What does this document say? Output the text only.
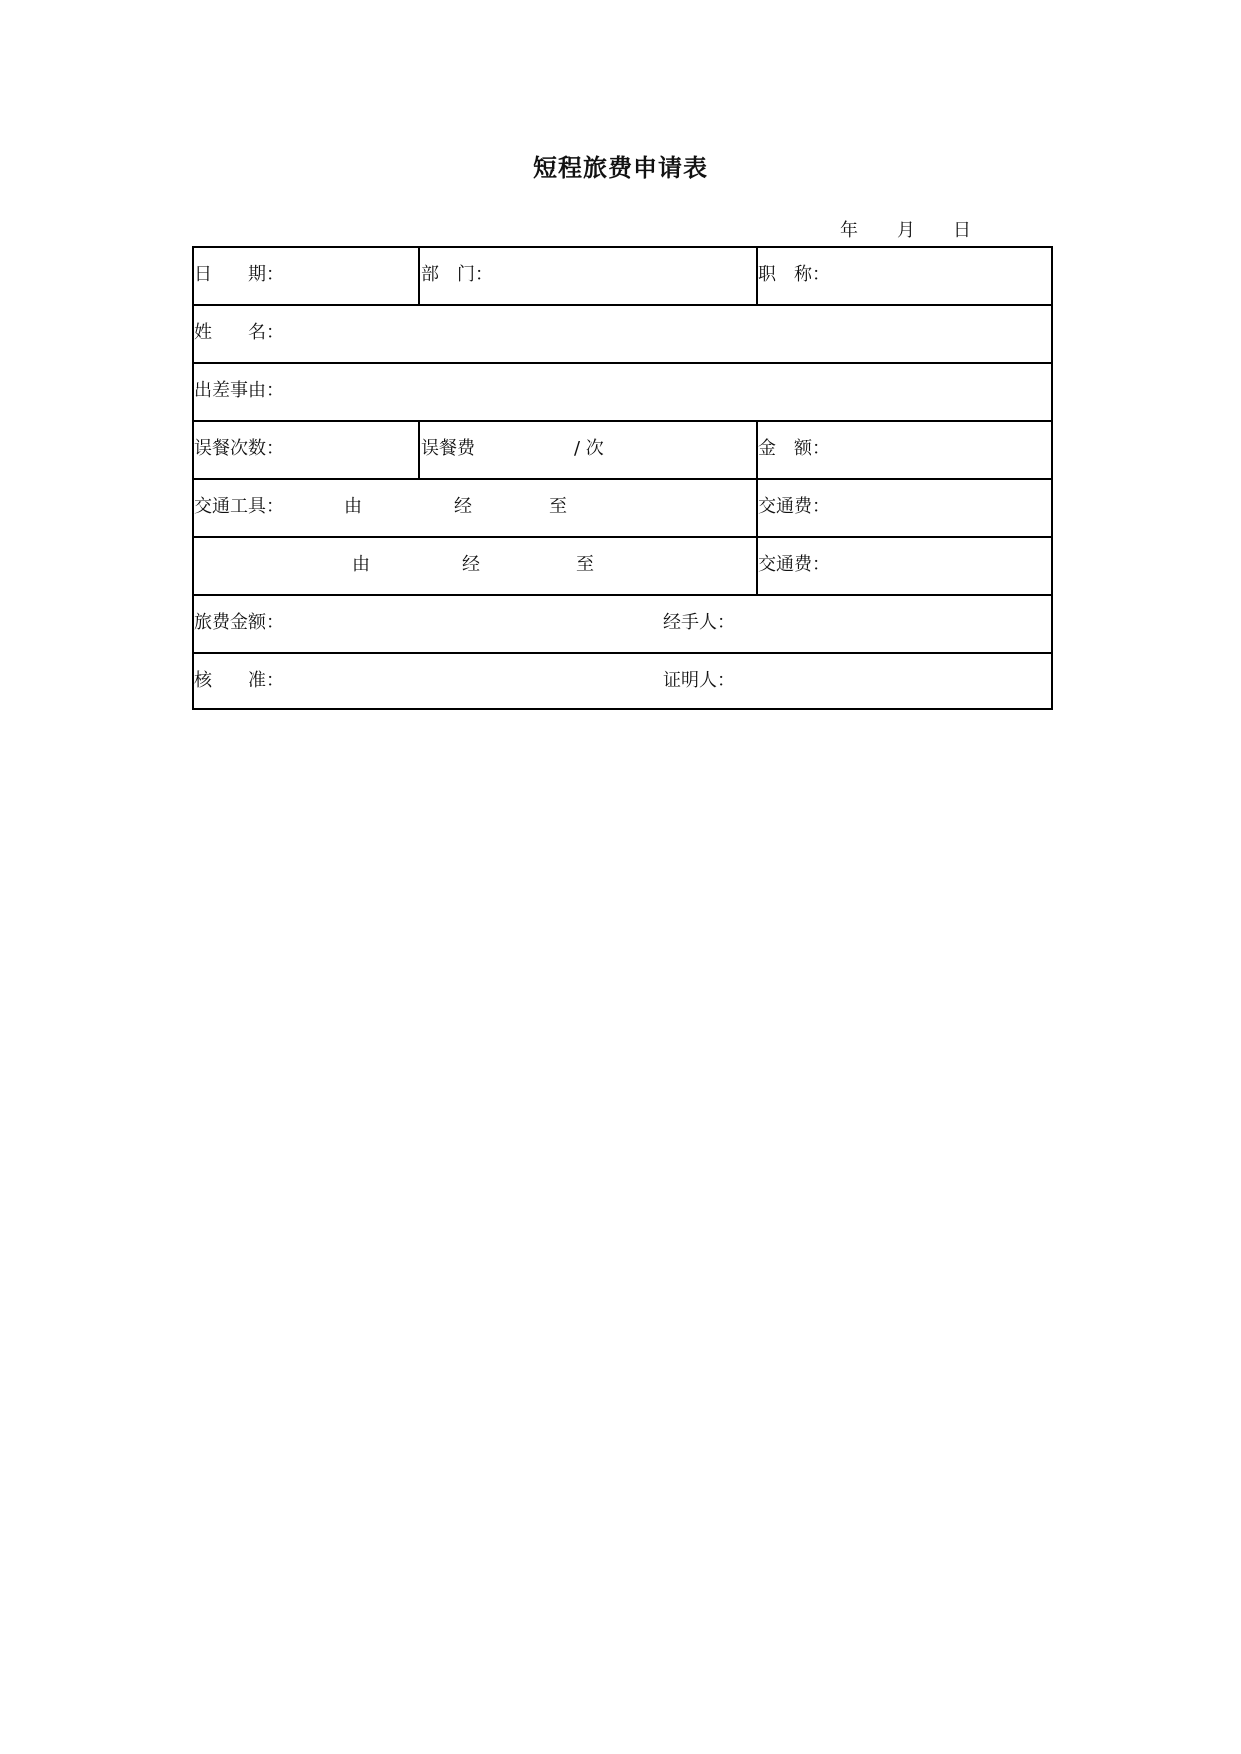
短程旅费申请表
年 月 日
日　　期：	部　门：	职　称：
姓　　名：
出差事由：
误餐次数：	误餐费	/ 次	金　额：
交通工具：	由	经	至	交通费：
由	经	至	交通费：
旅费金额：	经手人：
核　　准：	证明人：
